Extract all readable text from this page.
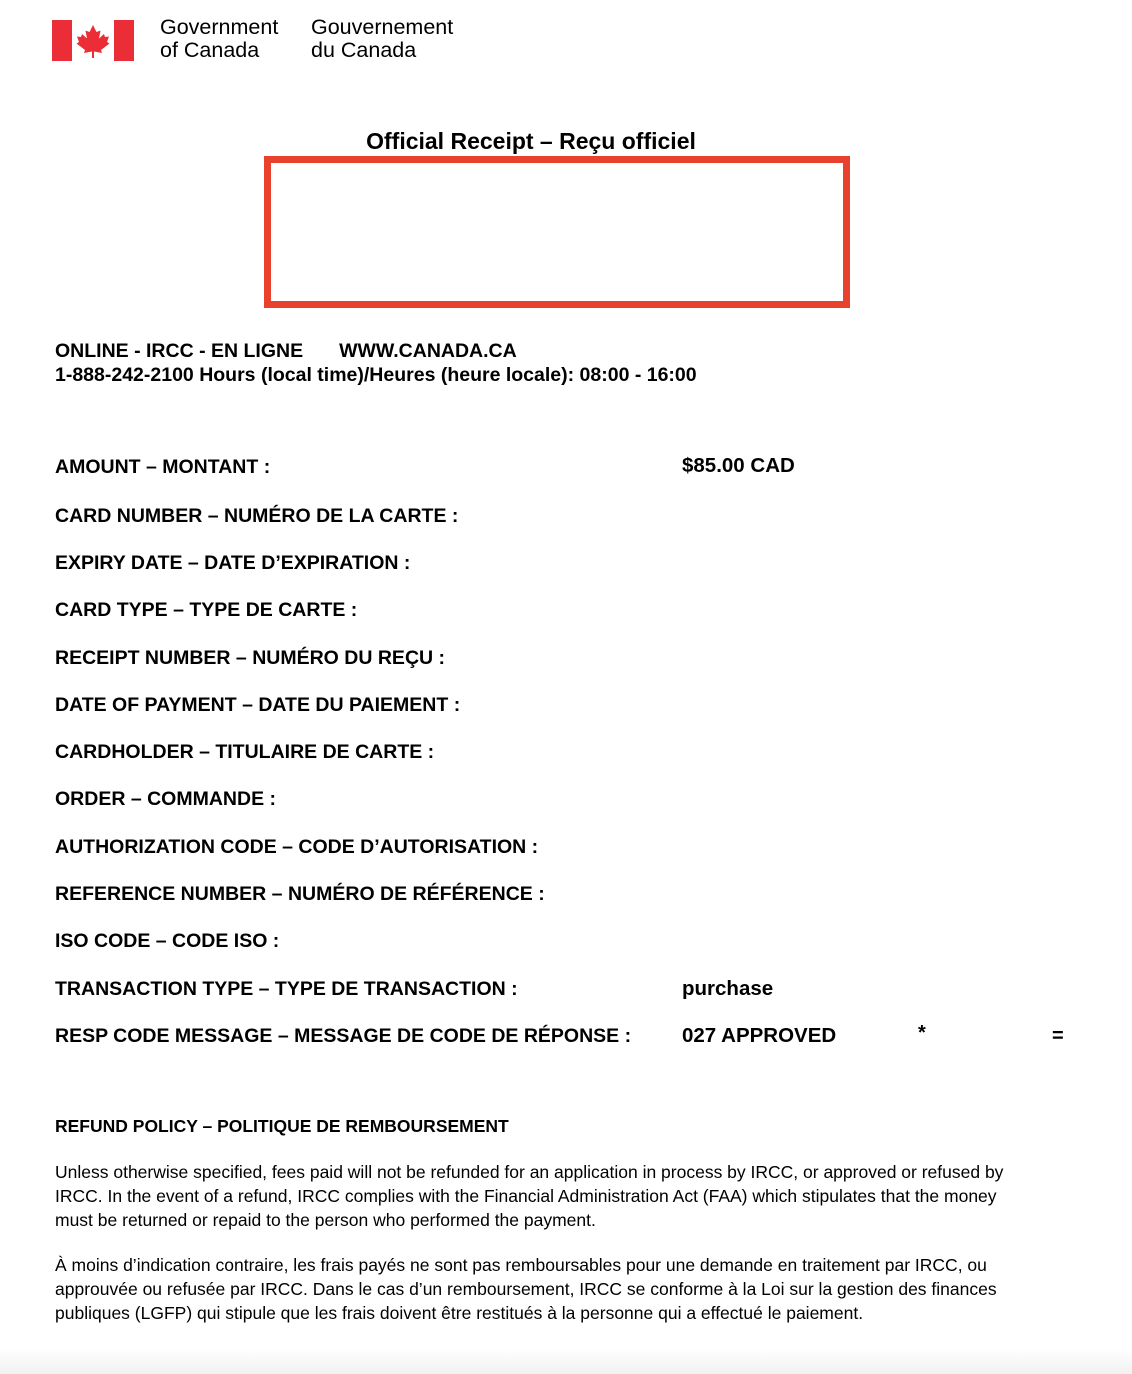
Government
of Canada
Gouvernement
du Canada
Official Receipt – Reçu officiel
ONLINE - IRCC - EN LIGNE WWW.CANADA.CA
1-888-242-2100 Hours (local time)/Heures (heure locale): 08:00 - 16:00
AMOUNT – MONTANT :	$85.00 CAD
CARD NUMBER – NUMÉRO DE LA CARTE :
EXPIRY DATE – DATE D’EXPIRATION :
CARD TYPE – TYPE DE CARTE :
RECEIPT NUMBER – NUMÉRO DU REÇU :
DATE OF PAYMENT – DATE DU PAIEMENT :
CARDHOLDER – TITULAIRE DE CARTE :
ORDER – COMMANDE :
AUTHORIZATION CODE – CODE D’AUTORISATION :
REFERENCE NUMBER – NUMÉRO DE RÉFÉRENCE :
ISO CODE – CODE ISO :
TRANSACTION TYPE – TYPE DE TRANSACTION :	purchase
RESP CODE MESSAGE – MESSAGE DE CODE DE RÉPONSE : 027 APPROVED	*	=
REFUND POLICY – POLITIQUE DE REMBOURSEMENT
Unless otherwise specified, fees paid will not be refunded for an application in process by IRCC, or approved or refused by IRCC. In the event of a refund, IRCC complies with the Financial Administration Act (FAA) which stipulates that the money must be returned or repaid to the person who performed the payment.
À moins d’indication contraire, les frais payés ne sont pas remboursables pour une demande en traitement par IRCC, ou approuvée ou refusée par IRCC. Dans le cas d’un remboursement, IRCC se conforme à la Loi sur la gestion des finances publiques (LGFP) qui stipule que les frais doivent être restitués à la personne qui a effectué le paiement.
